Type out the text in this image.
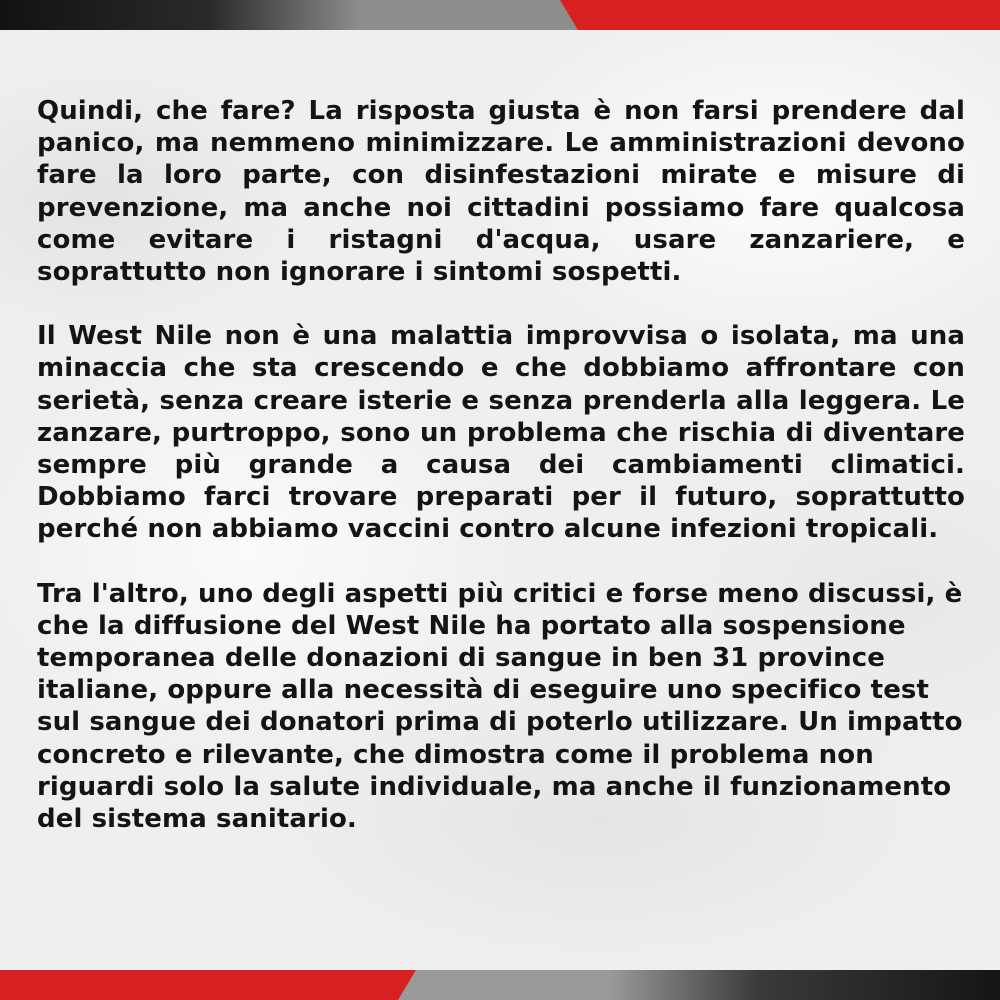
Quindi, che fare? La risposta giusta è non farsi prendere dal panico, ma nemmeno minimizzare. Le amministrazioni devono fare la loro parte, con disinfestazioni mirate e misure di prevenzione, ma anche noi cittadini possiamo fare qualcosa come evitare i ristagni d'acqua, usare zanzariere, e soprattutto non ignorare i sintomi sospetti.

Il West Nile non è una malattia improvvisa o isolata, ma una minaccia che sta crescendo e che dobbiamo affrontare con serietà, senza creare isterie e senza prenderla alla leggera. Le zanzare, purtroppo, sono un problema che rischia di diventare sempre più grande a causa dei cambiamenti climatici. Dobbiamo farci trovare preparati per il futuro, soprattutto perché non abbiamo vaccini contro alcune infezioni tropicali.

Tra l'altro, uno degli aspetti più critici e forse meno discussi, è che la diffusione del West Nile ha portato alla sospensione temporanea delle donazioni di sangue in ben 31 province italiane, oppure alla necessità di eseguire uno specifico test sul sangue dei donatori prima di poterlo utilizzare. Un impatto concreto e rilevante, che dimostra come il problema non riguardi solo la salute individuale, ma anche il funzionamento del sistema sanitario.
